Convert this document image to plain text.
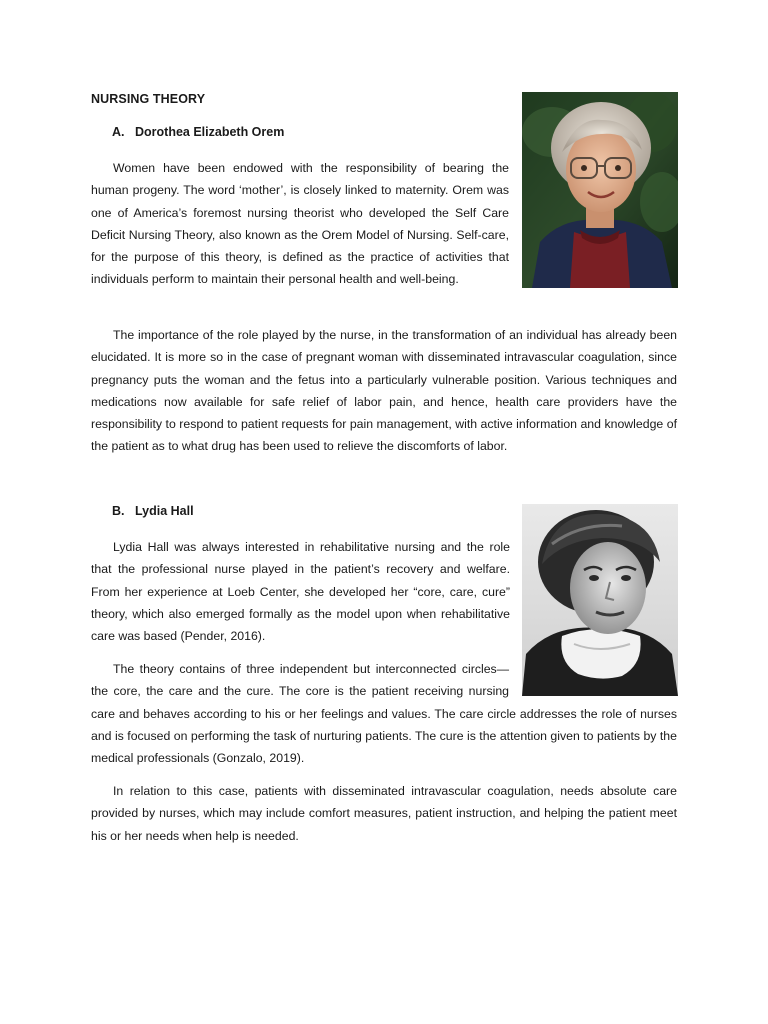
NURSING THEORY
A. Dorothea Elizabeth Orem

Women have been endowed with the responsibility of bearing the human progeny. The word ‘mother’, is closely linked to maternity. Orem was one of America’s foremost nursing theorist who developed the Self Care Deficit Nursing Theory, also known as the Orem Model of Nursing. Self-care, for the purpose of this theory, is defined as the practice of activities that individuals perform to maintain their personal health and well-being.

The importance of the role played by the nurse, in the transformation of an individual has already been elucidated. It is more so in the case of pregnant woman with disseminated intravascular coagulation, since pregnancy puts the woman and the fetus into a particularly vulnerable position. Various techniques and medications now available for safe relief of labor pain, and hence, health care providers have the responsibility to respond to patient requests for pain management, with active information and knowledge of the patient as to what drug has been used to relieve the discomforts of labor.

B. Lydia Hall

Lydia Hall was always interested in rehabilitative nursing and the role that the professional nurse played in the patient’s recovery and welfare. From her experience at Loeb Center, she developed her “core, care, cure” theory, which also emerged formally as the model upon when rehabilitative care was based (Pender, 2016).

The theory contains of three independent but interconnected circles—the core, the care and the cure. The core is the patient receiving nursing care and behaves according to his or her feelings and values. The care circle addresses the role of nurses and is focused on performing the task of nurturing patients. The cure is the attention given to patients by the medical professionals (Gonzalo, 2019).

In relation to this case, patients with disseminated intravascular coagulation, needs absolute care provided by nurses, which may include comfort measures, patient instruction, and helping the patient meet his or her needs when help is needed.
